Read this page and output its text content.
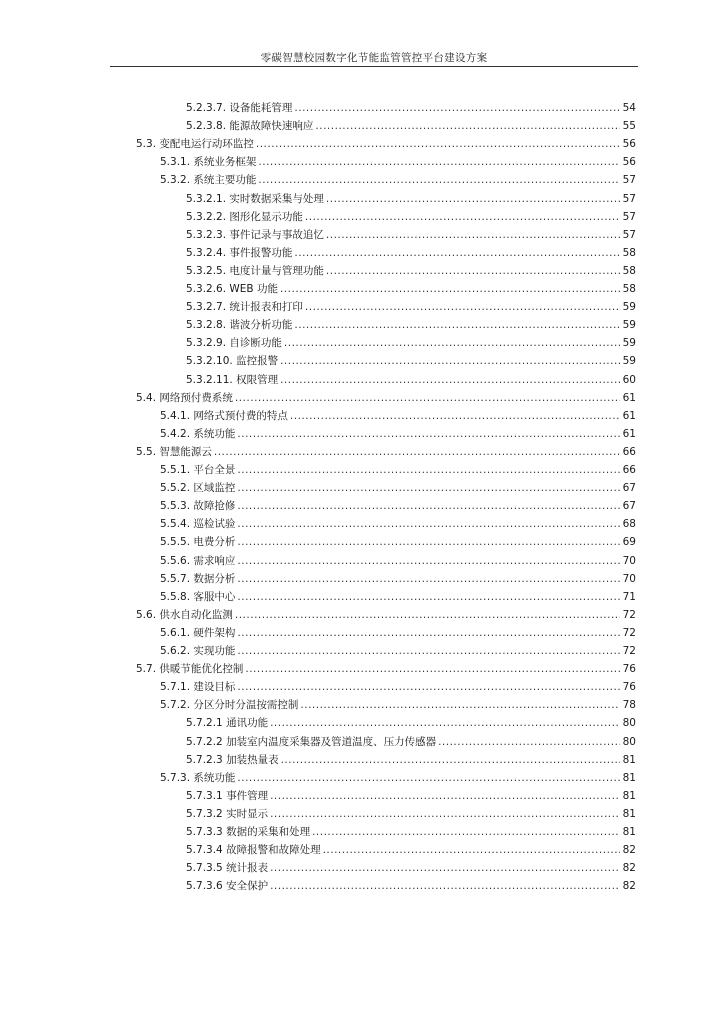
零碳智慧校园数字化节能监管管控平台建设方案
5.2.3.7. 设备能耗管理 .....	54
5.2.3.8. 能源故障快速响应 .....	55
5.3. 变配电运行动环监控 .....	56
5.3.1. 系统业务框架 .....	56
5.3.2. 系统主要功能 .....	57
5.3.2.1. 实时数据采集与处理 .....	57
5.3.2.2. 图形化显示功能 .....	57
5.3.2.3. 事件记录与事故追忆 .....	57
5.3.2.4. 事件报警功能 .....	58
5.3.2.5. 电度计量与管理功能 .....	58
5.3.2.6. WEB 功能 .....	58
5.3.2.7. 统计报表和打印 .....	59
5.3.2.8. 谐波分析功能 .....	59
5.3.2.9. 自诊断功能 .....	59
5.3.2.10. 监控报警 .....	59
5.3.2.11. 权限管理 .....	60
5.4. 网络预付费系统 .....	61
5.4.1. 网络式预付费的特点 .....	61
5.4.2. 系统功能 .....	61
5.5. 智慧能源云 .....	66
5.5.1. 平台全景 .....	66
5.5.2. 区域监控 .....	67
5.5.3. 故障抢修 .....	67
5.5.4. 巡检试验 .....	68
5.5.5. 电费分析 .....	69
5.5.6. 需求响应 .....	70
5.5.7. 数据分析 .....	70
5.5.8. 客服中心 .....	71
5.6. 供水自动化监测 .....	72
5.6.1. 硬件架构 .....	72
5.6.2. 实现功能 .....	72
5.7. 供暖节能优化控制 .....	76
5.7.1. 建设目标 .....	76
5.7.2. 分区分时分温按需控制 .....	78
5.7.2.1 通讯功能 .....	80
5.7.2.2 加装室内温度采集器及管道温度、压力传感器 .....	80
5.7.2.3 加装热量表 .....	81
5.7.3. 系统功能 .....	81
5.7.3.1 事件管理 .....	81
5.7.3.2 实时显示 .....	81
5.7.3.3 数据的采集和处理 .....	81
5.7.3.4 故障报警和故障处理 .....	82
5.7.3.5 统计报表 .....	82
5.7.3.6 安全保护 .....	82
